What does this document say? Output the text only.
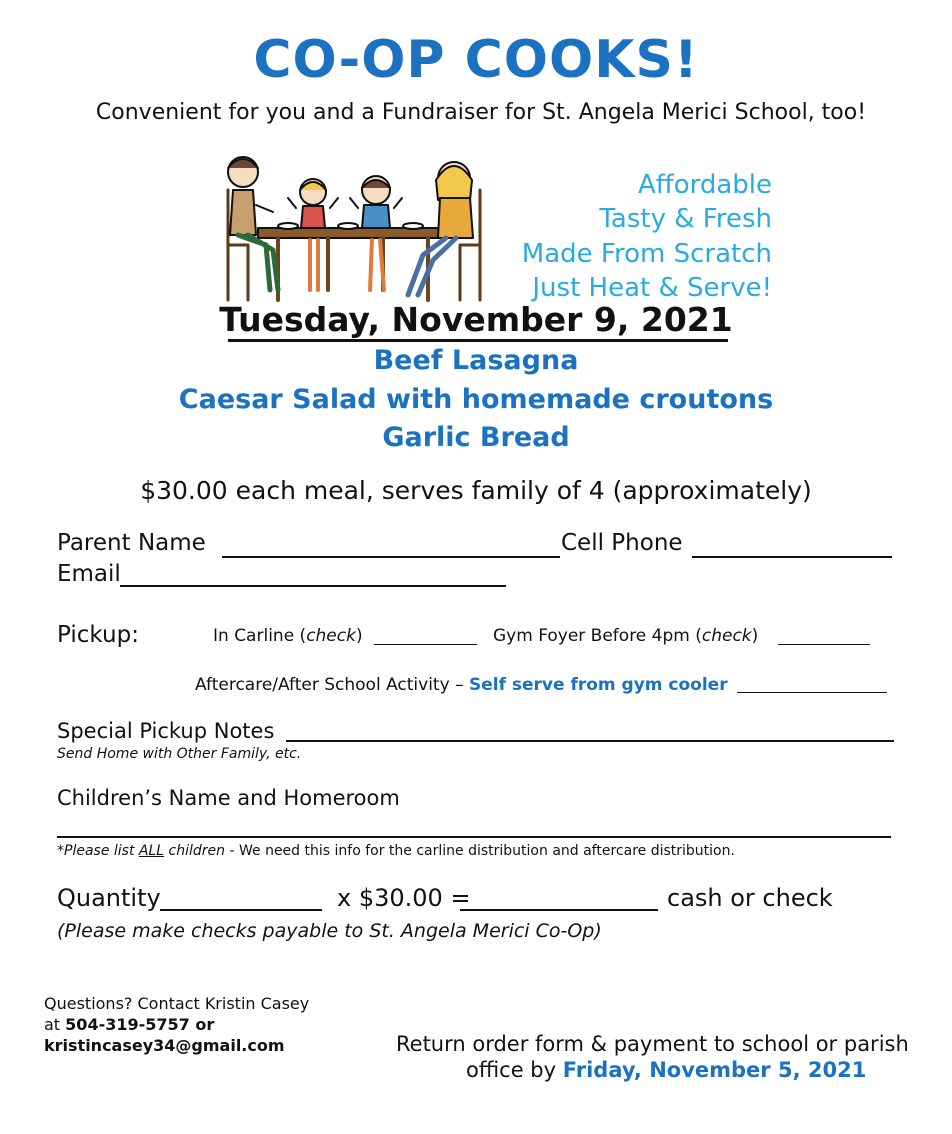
CO-OP COOKS!
Convenient for you and a Fundraiser for St. Angela Merici School, too!
Affordable
Tasty & Fresh
Made From Scratch
Just Heat & Serve!
Tuesday, November 9, 2021
Beef Lasagna
Caesar Salad with homemade croutons
Garlic Bread
$30.00 each meal, serves family of 4 (approximately)
Parent Name	Cell Phone
Email
Pickup:	In Carline (check)	Gym Foyer Before 4pm (check)
Aftercare/After School Activity – Self serve from gym cooler
Special Pickup Notes
Send Home with Other Family, etc.
Children’s Name and Homeroom
*Please list ALL children - We need this info for the carline distribution and aftercare distribution.
Quantity	x $30.00 =	cash or check
(Please make checks payable to St. Angela Merici Co-Op)
Questions? Contact Kristin Casey
at 504-319-5757 or
kristincasey34@gmail.com	Return order form & payment to school or parish
office by Friday, November 5, 2021
